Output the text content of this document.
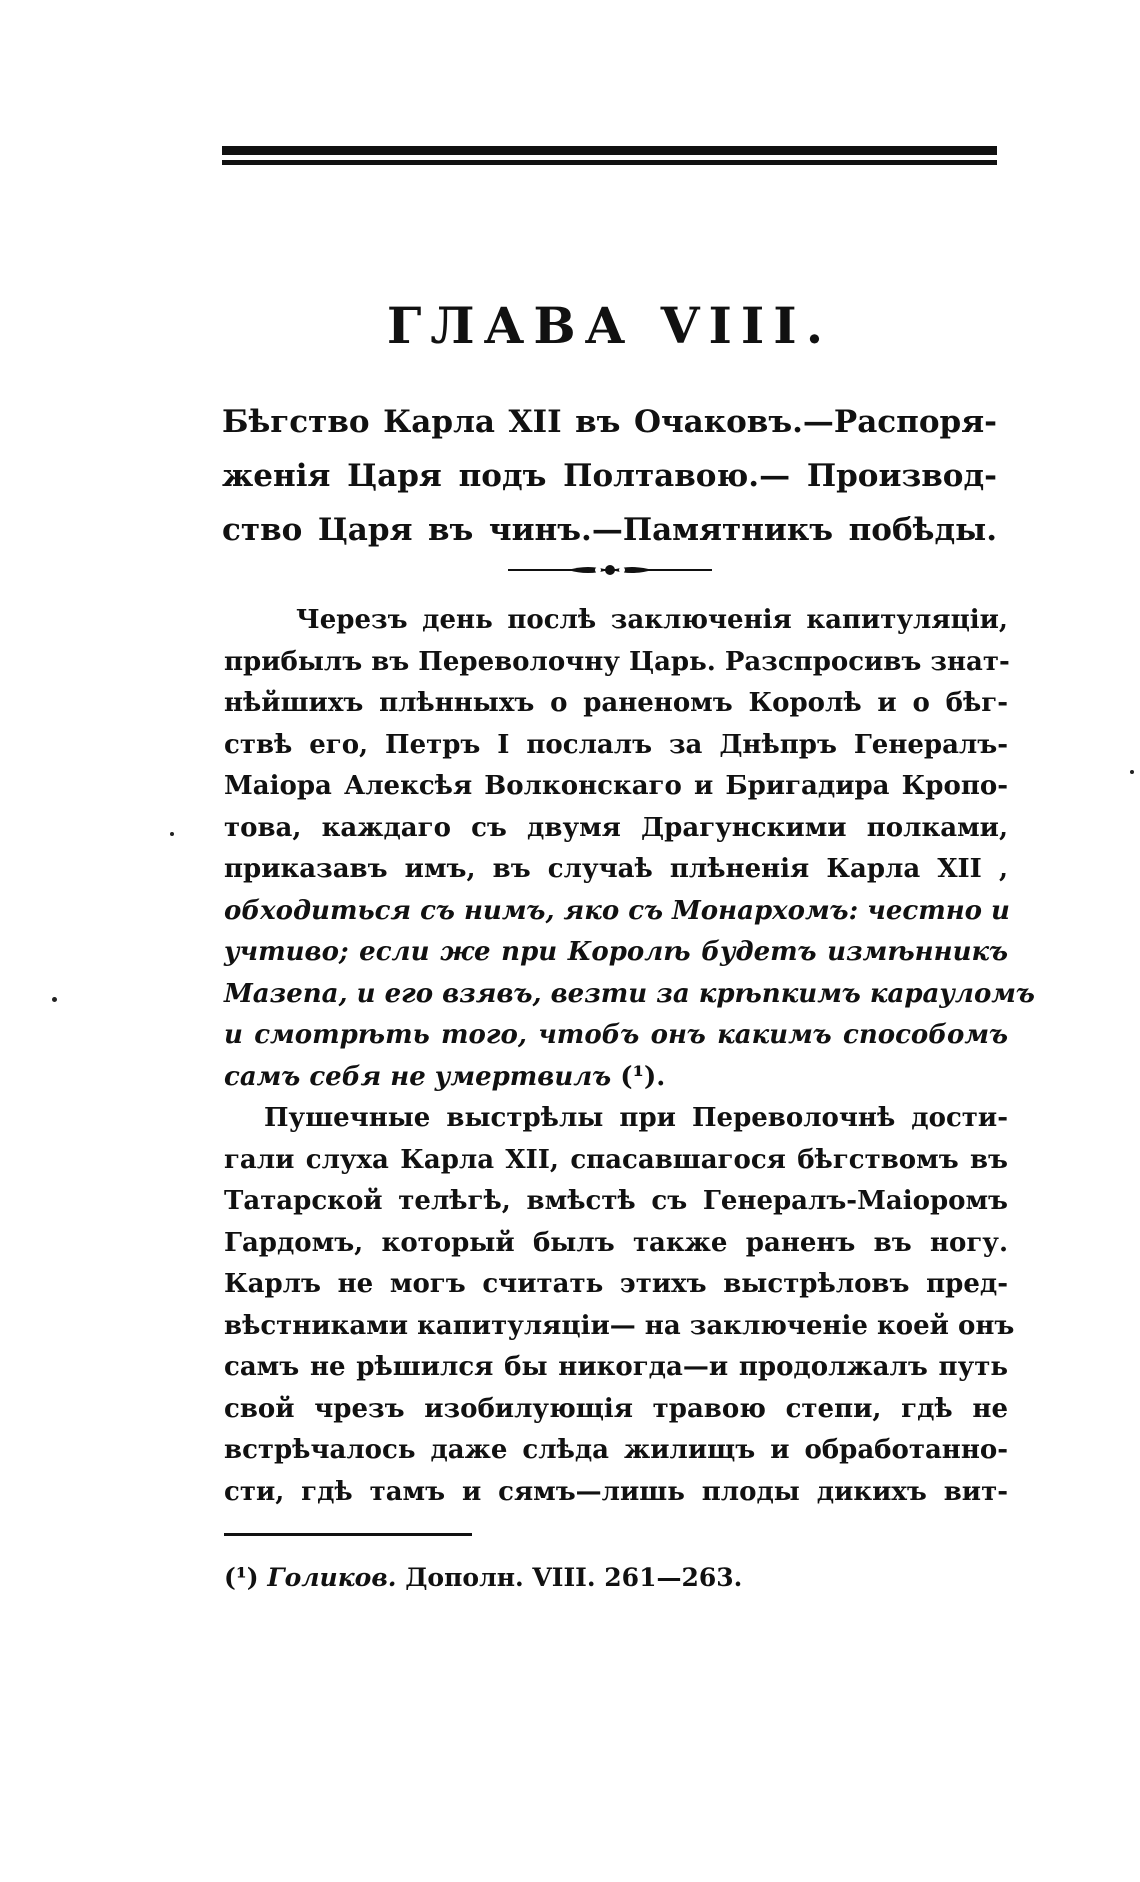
ГЛАВА VIII.
Бѣгство Карла XII въ Очаковъ.—Распоря-
женія Царя подъ Полтавою.— Производ-
ство Царя въ чинъ.—Памятникъ побѣды.
Черезъ день послѣ заключенія капитуляціи,
прибылъ въ Переволочну Царь. Разспросивъ знат-
нѣйшихъ плѣнныхъ о раненомъ Королѣ и о бѣг-
ствѣ его, Петръ I послалъ за Днѣпръ Генералъ-
Маіора Алексѣя Волконскаго и Бригадира Кропо-
това, каждаго съ двумя Драгунскими полками,
приказавъ имъ, въ случаѣ плѣненія Карла XII ,
обходиться съ нимъ, яко съ Монархомъ: честно и
учтиво; если же при Королѣ будетъ измѣнникъ
Мазепа, и его взявъ, везти за крѣпкимъ карауломъ
и смотрѣть того, чтобъ онъ какимъ способомъ
самъ себя не умертвилъ (¹).
Пушечные выстрѣлы при Переволочнѣ дости-
гали слуха Карла XII, спасавшагося бѣгствомъ въ
Татарской телѣгѣ, вмѣстѣ съ Генералъ-Маіоромъ
Гардомъ, который былъ также раненъ въ ногу.
Карлъ не могъ считать этихъ выстрѣловъ пред-
вѣстниками капитуляціи— на заключеніе коей онъ
самъ не рѣшился бы никогда—и продолжалъ путь
свой чрезъ изобилующія травою степи, гдѣ не
встрѣчалось даже слѣда жилищъ и обработанно-
сти, гдѣ тамъ и сямъ—лишь плоды дикихъ вит-
(¹) Голиков. Дополн. VIII. 261—263.
